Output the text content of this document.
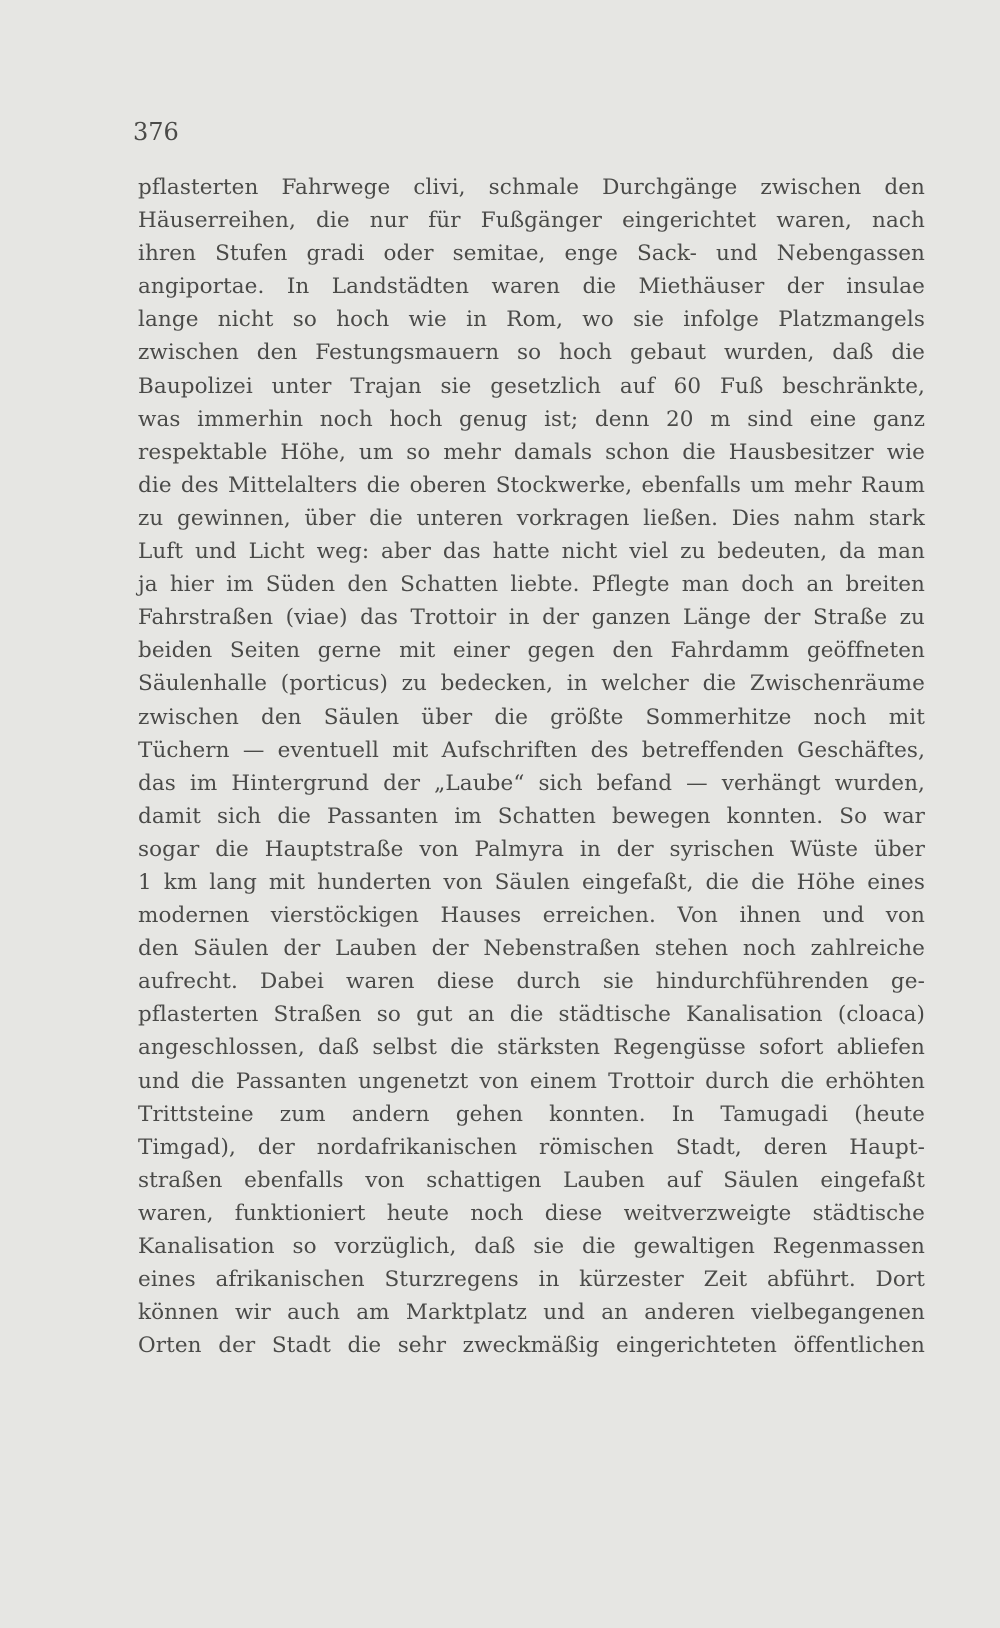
376
pflasterten Fahrwege clivi, schmale Durchgänge zwischen den
Häuserreihen, die nur für Fußgänger eingerichtet waren, nach
ihren Stufen gradi oder semitae, enge Sack- und Nebengassen
angiportae. In Landstädten waren die Miethäuser der insulae
lange nicht so hoch wie in Rom, wo sie infolge Platzmangels
zwischen den Festungsmauern so hoch gebaut wurden, daß die
Baupolizei unter Trajan sie gesetzlich auf 60 Fuß beschränkte,
was immerhin noch hoch genug ist; denn 20 m sind eine ganz
respektable Höhe, um so mehr damals schon die Hausbesitzer wie
die des Mittelalters die oberen Stockwerke, ebenfalls um mehr Raum
zu gewinnen, über die unteren vorkragen ließen. Dies nahm stark
Luft und Licht weg: aber das hatte nicht viel zu bedeuten, da man
ja hier im Süden den Schatten liebte. Pflegte man doch an breiten
Fahrstraßen (viae) das Trottoir in der ganzen Länge der Straße zu
beiden Seiten gerne mit einer gegen den Fahrdamm geöffneten
Säulenhalle (porticus) zu bedecken, in welcher die Zwischenräume
zwischen den Säulen über die größte Sommerhitze noch mit
Tüchern — eventuell mit Aufschriften des betreffenden Geschäftes,
das im Hintergrund der „Laube“ sich befand — verhängt wurden,
damit sich die Passanten im Schatten bewegen konnten. So war
sogar die Hauptstraße von Palmyra in der syrischen Wüste über
1 km lang mit hunderten von Säulen eingefaßt, die die Höhe eines
modernen vierstöckigen Hauses erreichen. Von ihnen und von
den Säulen der Lauben der Nebenstraßen stehen noch zahlreiche
aufrecht. Dabei waren diese durch sie hindurchführenden ge-
pflasterten Straßen so gut an die städtische Kanalisation (cloaca)
angeschlossen, daß selbst die stärksten Regengüsse sofort abliefen
und die Passanten ungenetzt von einem Trottoir durch die erhöhten
Trittsteine zum andern gehen konnten. In Tamugadi (heute
Timgad), der nordafrikanischen römischen Stadt, deren Haupt-
straßen ebenfalls von schattigen Lauben auf Säulen eingefaßt
waren, funktioniert heute noch diese weitverzweigte städtische
Kanalisation so vorzüglich, daß sie die gewaltigen Regenmassen
eines afrikanischen Sturzregens in kürzester Zeit abführt. Dort
können wir auch am Marktplatz und an anderen vielbegangenen
Orten der Stadt die sehr zweckmäßig eingerichteten öffentlichen
